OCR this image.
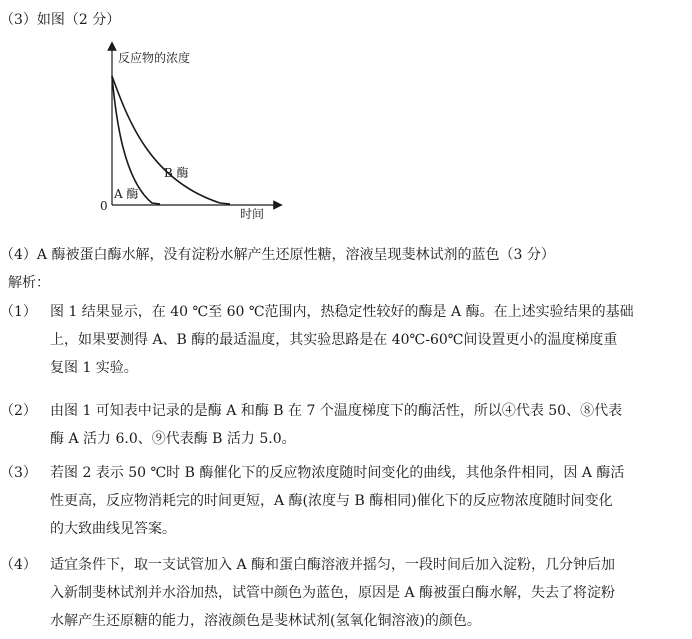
（3）如图（2 分）
反应物的浓度
时间
0
B 酶
A 酶
（4）A 酶被蛋白酶水解，没有淀粉水解产生还原性糖，溶液呈现斐林试剂的蓝色（3 分）
解析：
（1） 图 1 结果显示，在 40 ℃至 60 ℃范围内，热稳定性较好的酶是 A 酶。在上述实验结果的基础
上，如果要测得 A、B 酶的最适温度，其实验思路是在 40℃-60℃间设置更小的温度梯度重
复图 1 实验。
（2） 由图 1 可知表中记录的是酶 A 和酶 B 在 7 个温度梯度下的酶活性，所以④代表 50、⑧代表
酶 A 活力 6.0、⑨代表酶 B 活力 5.0。
（3） 若图 2 表示 50 ℃时 B 酶催化下的反应物浓度随时间变化的曲线，其他条件相同，因 A 酶活
性更高，反应物消耗完的时间更短，A 酶(浓度与 B 酶相同)催化下的反应物浓度随时间变化
的大致曲线见答案。
（4） 适宜条件下，取一支试管加入 A 酶和蛋白酶溶液并摇匀，一段时间后加入淀粉，几分钟后加
入新制斐林试剂并水浴加热，试管中颜色为蓝色，原因是 A 酶被蛋白酶水解，失去了将淀粉
水解产生还原糖的能力，溶液颜色是斐林试剂(氢氧化铜溶液)的颜色。
